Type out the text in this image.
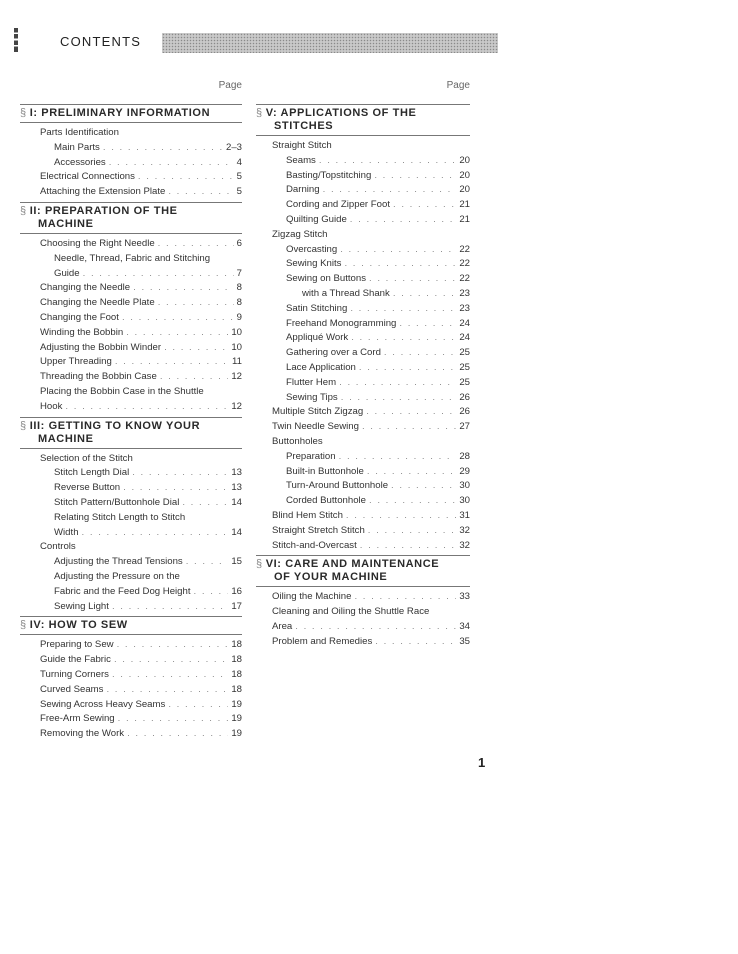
CONTENTS
Page
§ I: PRELIMINARY INFORMATION
Parts Identification
Main Parts . . .	2–3
Accessories . . .	4
Electrical Connections . . .	5
Attaching the Extension Plate . . .	5
§ II: PREPARATION OF THE
MACHINE
Choosing the Right Needle . . .	6
Needle, Thread, Fabric and Stitching
Guide . . .	7
Changing the Needle . . .	8
Changing the Needle Plate . . .	8
Changing the Foot . . .	9
Winding the Bobbin . . .	10
Adjusting the Bobbin Winder . . .	10
Upper Threading . . .	11
Threading the Bobbin Case . . .	12
Placing the Bobbin Case in the Shuttle
Hook . . .	12
§ III: GETTING TO KNOW YOUR
MACHINE
Selection of the Stitch
Stitch Length Dial . . .	13
Reverse Button . . .	13
Stitch Pattern/Buttonhole Dial . . .	14
Relating Stitch Length to Stitch
Width . . .	14
Controls
Adjusting the Thread Tensions . . .	15
Adjusting the Pressure on the
Fabric and the Feed Dog Height . . .	16
Sewing Light . . .	17
§ IV: HOW TO SEW
Preparing to Sew . . .	18
Guide the Fabric . . .	18
Turning Corners . . .	18
Curved Seams . . .	18
Sewing Across Heavy Seams . . .	19
Free-Arm Sewing . . .	19
Removing the Work . . .	19
Page
§ V: APPLICATIONS OF THE
STITCHES
Straight Stitch
Seams . . .	20
Basting/Topstitching . . .	20
Darning . . .	20
Cording and Zipper Foot . . .	21
Quilting Guide . . .	21
Zigzag Stitch
Overcasting . . .	22
Sewing Knits . . .	22
Sewing on Buttons . . .	22
with a Thread Shank . . .	23
Satin Stitching . . .	23
Freehand Monogramming . . .	24
Appliqué Work . . .	24
Gathering over a Cord . . .	25
Lace Application . . .	25
Flutter Hem . . .	25
Sewing Tips . . .	26
Multiple Stitch Zigzag . . .	26
Twin Needle Sewing . . .	27
Buttonholes
Preparation . . .	28
Built-in Buttonhole . . .	29
Turn-Around Buttonhole . . .	30
Corded Buttonhole . . .	30
Blind Hem Stitch . . .	31
Straight Stretch Stitch . . .	32
Stitch-and-Overcast . . .	32
§ VI: CARE AND MAINTENANCE
OF YOUR MACHINE
Oiling the Machine . . .	33
Cleaning and Oiling the Shuttle Race
Area . . .	34
Problem and Remedies . . .	35
1
